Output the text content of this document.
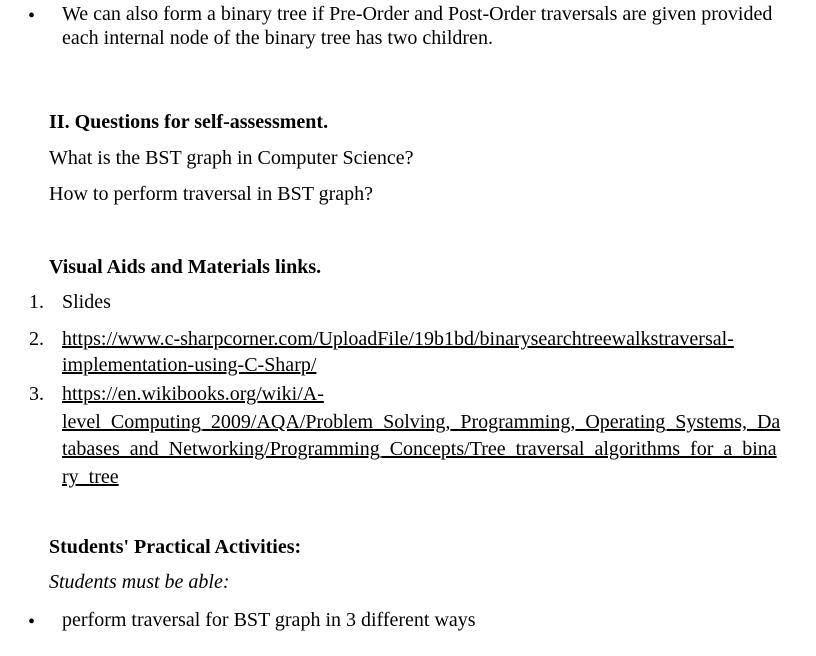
• We can also form a binary tree if Pre-Order and Post-Order traversals are given provided
each internal node of the binary tree has two children.
II. Questions for self-assessment.
What is the BST graph in Computer Science?
How to perform traversal in BST graph?
Visual Aids and Materials links.
1. Slides
2. https://www.c-sharpcorner.com/UploadFile/19b1bd/binarysearchtreewalkstraversal-
implementation-using-C-Sharp/
3. https://en.wikibooks.org/wiki/A-
level_Computing_2009/AQA/Problem_Solving,_Programming,_Operating_Systems,_Da
tabases_and_Networking/Programming_Concepts/Tree_traversal_algorithms_for_a_bina
ry_tree
Students' Practical Activities:
Students must be able:
• perform traversal for BST graph in 3 different ways
